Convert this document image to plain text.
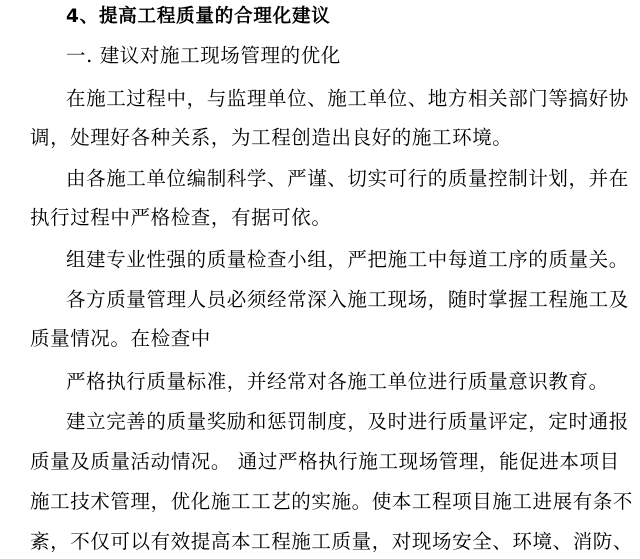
4、提高工程质量的合理化建议
一. 建议对施工现场管理的优化
在施工过程中，与监理单位、施工单位、地方相关部门等搞好协
调，处理好各种关系，为工程创造出良好的施工环境。
由各施工单位编制科学、严谨、切实可行的质量控制计划，并在
执行过程中严格检查，有据可依。
组建专业性强的质量检查小组，严把施工中每道工序的质量关。
各方质量管理人员必须经常深入施工现场，随时掌握工程施工及
质量情况。在检查中
严格执行质量标准，并经常对各施工单位进行质量意识教育。
建立完善的质量奖励和惩罚制度，及时进行质量评定，定时通报
质量及质量活动情况。 通过严格执行施工现场管理，能促进本项目
施工技术管理，优化施工工艺的实施。使本工程项目施工进展有条不
紊，不仅可以有效提高本工程施工质量，对现场安全、环境、消防、
